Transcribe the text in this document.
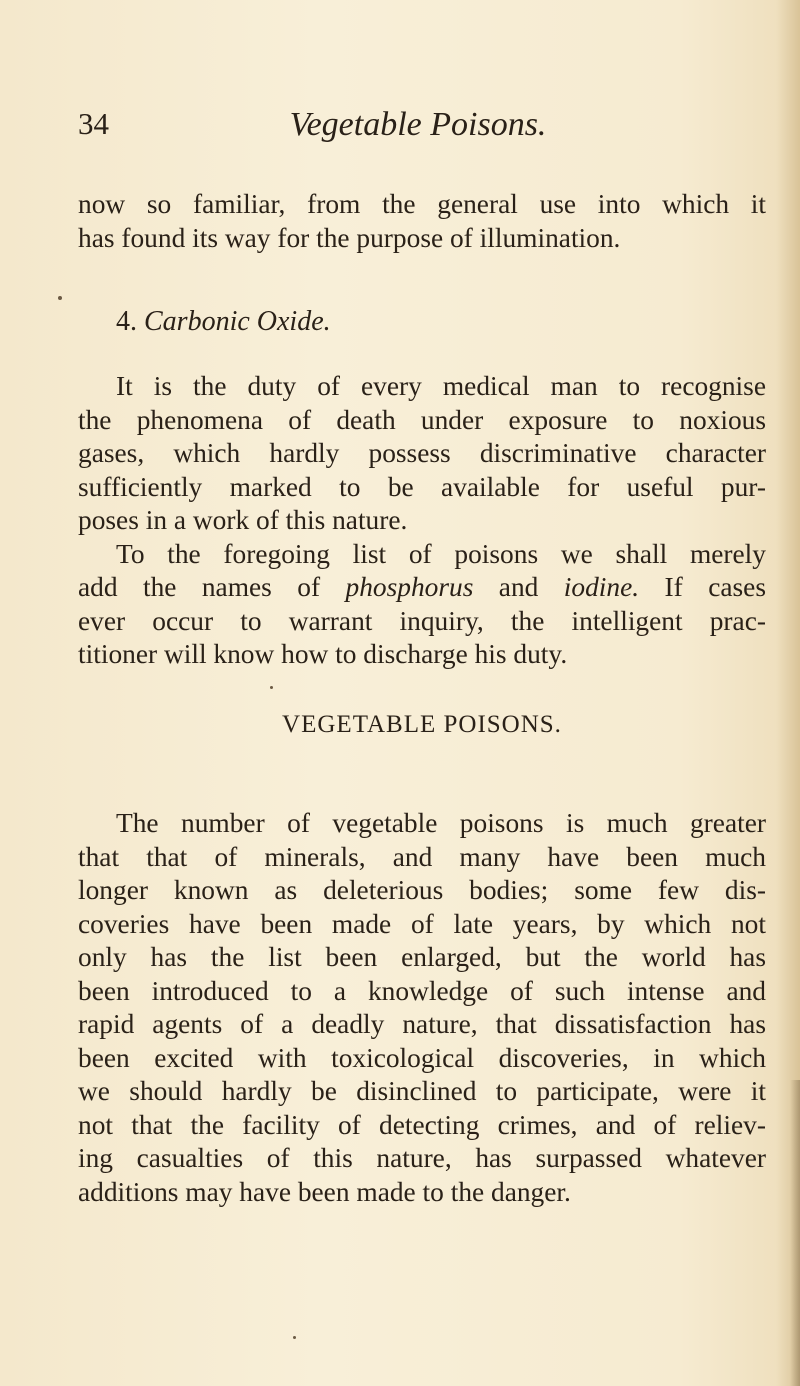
34	Vegetable Poisons.
now so familiar, from the general use into which it
has found its way for the purpose of illumination.
4. Carbonic Oxide.
It is the duty of every medical man to recognise
the phenomena of death under exposure to noxious
gases, which hardly possess discriminative character
sufficiently marked to be available for useful pur-
poses in a work of this nature.
To the foregoing list of poisons we shall merely
add the names of phosphorus and iodine. If cases
ever occur to warrant inquiry, the intelligent prac-
titioner will know how to discharge his duty.
VEGETABLE POISONS.
The number of vegetable poisons is much greater
that that of minerals, and many have been much
longer known as deleterious bodies; some few dis-
coveries have been made of late years, by which not
only has the list been enlarged, but the world has
been introduced to a knowledge of such intense and
rapid agents of a deadly nature, that dissatisfaction has
been excited with toxicological discoveries, in which
we should hardly be disinclined to participate, were it
not that the facility of detecting crimes, and of reliev-
ing casualties of this nature, has surpassed whatever
additions may have been made to the danger.
